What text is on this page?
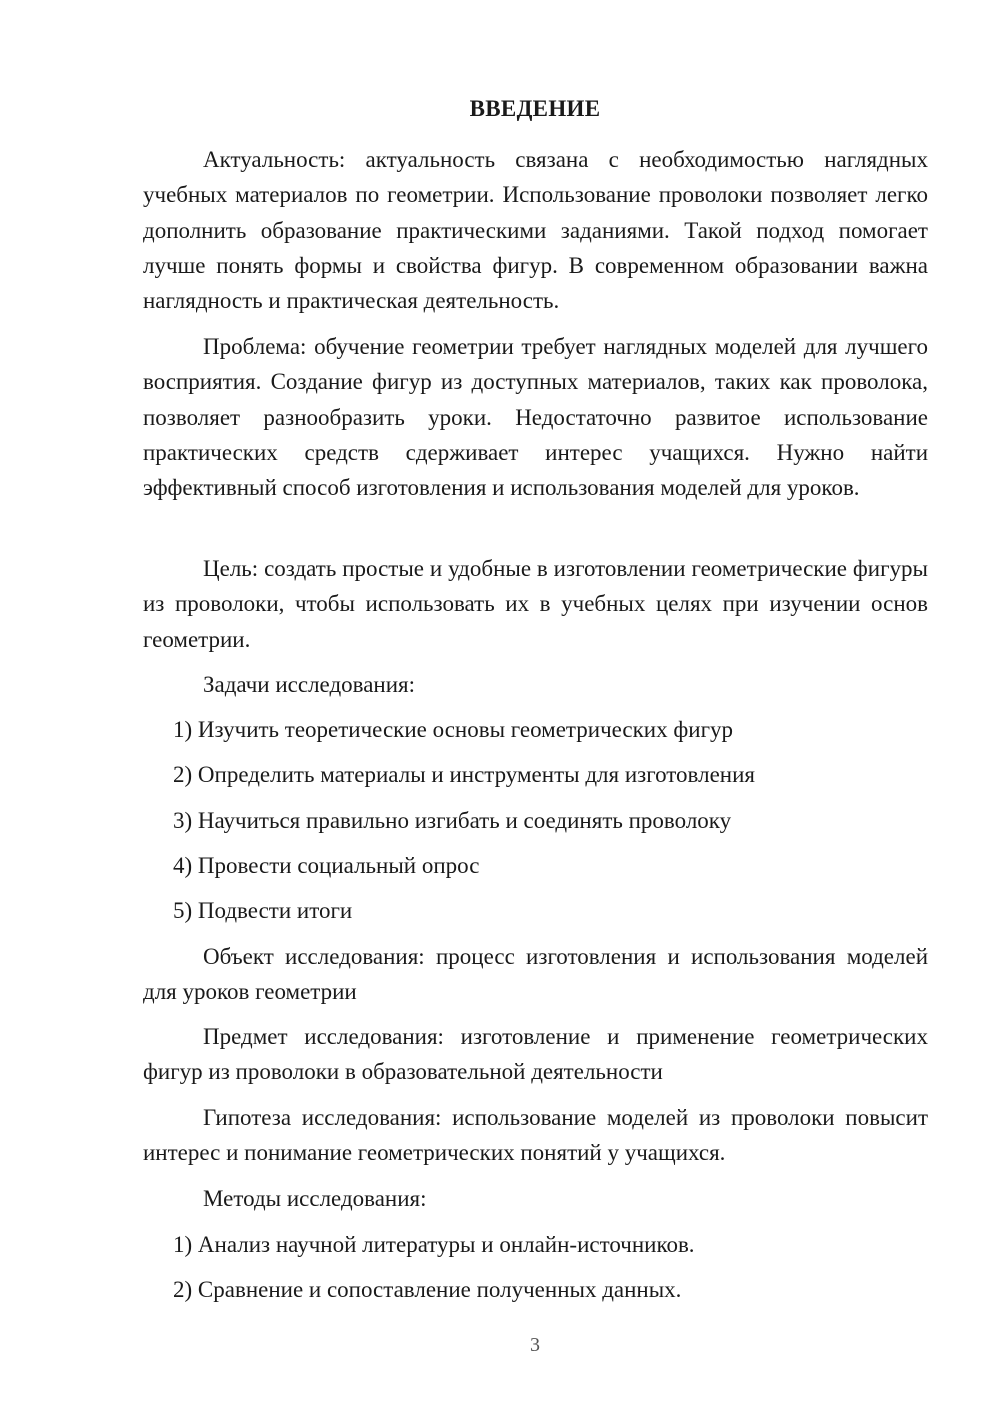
ВВЕДЕНИЕ
Актуальность: актуальность связана с необходимостью наглядных учебных материалов по геометрии. Использование проволоки позволяет легко дополнить образование практическими заданиями. Такой подход помогает лучше понять формы и свойства фигур. В современном образовании важна наглядность и практическая деятельность.
Проблема: обучение геометрии требует наглядных моделей для лучшего восприятия. Создание фигур из доступных материалов, таких как проволока, позволяет разнообразить уроки. Недостаточно развитое использование практических средств сдерживает интерес учащихся. Нужно найти эффективный способ изготовления и использования моделей для уроков.
Цель: создать простые и удобные в изготовлении геометрические фигуры из проволоки, чтобы использовать их в учебных целях при изучении основ геометрии.
Задачи исследования:
1) Изучить теоретические основы геометрических фигур
2) Определить материалы и инструменты для изготовления
3) Научиться правильно изгибать и соединять проволоку
4) Провести социальный опрос
5) Подвести итоги
Объект исследования: процесс изготовления и использования моделей для уроков геометрии
Предмет исследования: изготовление и применение геометрических фигур из проволоки в образовательной деятельности
Гипотеза исследования: использование моделей из проволоки повысит интерес и понимание геометрических понятий у учащихся.
Методы исследования:
1) Анализ научной литературы и онлайн-источников.
2) Сравнение и сопоставление полученных данных.
3
